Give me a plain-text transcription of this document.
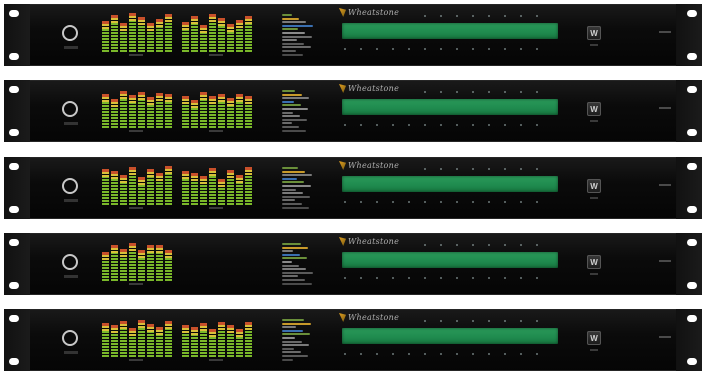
Wheatstone
W
Wheatstone
W
Wheatstone
W
Wheatstone
W
Wheatstone
W
